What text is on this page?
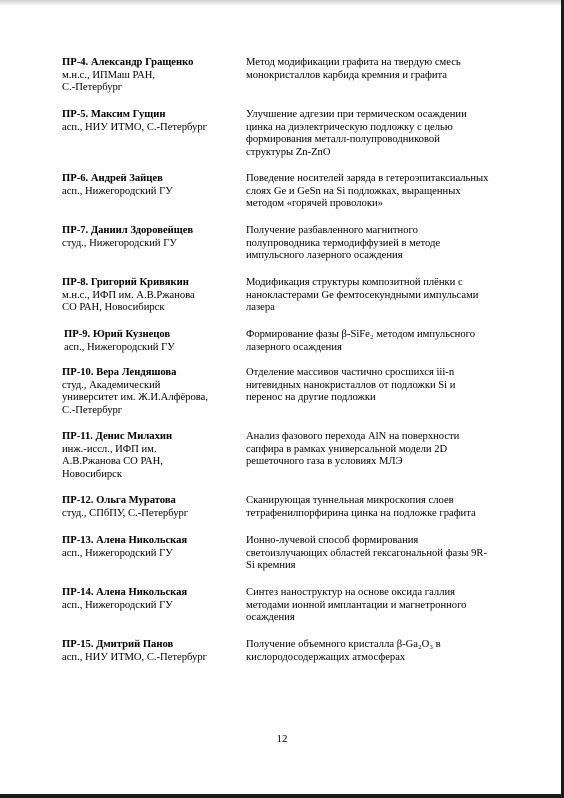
ПР-4. Александр Гращенко
м.н.с., ИПМаш РАН,
С.-Петербург
Метод модификации графита на твердую смесь
монокристаллов карбида кремния и графита
ПР-5. Максим Гущин
асп., НИУ ИТМО, С.-Петербург
Улучшение адгезии при термическом осаждении
цинка на диэлектрическую подложку с целью
формирования металл-полупроводниковой
структуры Zn-ZnO
ПР-6. Андрей Зайцев
асп., Нижегородский ГУ
Поведение носителей заряда в гетероэпитаксиальных
слоях Ge и GeSn на Si подложках, выращенных
методом «горячей проволоки»
ПР-7. Даниил Здоровейщев
студ., Нижегородский ГУ
Получение разбавленного магнитного
полупроводника термодиффузией в методе
импульсного лазерного осаждения
ПР-8. Григорий Кривякин
м.н.с., ИФП им. А.В.Ржанова
СО РАН, Новосибирск
Модификация структуры композитной плёнки с
нанокластерами Ge фемтосекундными импульсами
лазера
ПР-9. Юрий Кузнецов
асп., Нижегородский ГУ
Формирование фазы β-SiFe₂ методом импульсного
лазерного осаждения
ПР-10. Вера Лендяшова
студ., Академический
университет им. Ж.И.Алфёрова,
С.-Петербург
Отделение массивов частично сросшихся iii-n
нитевидных нанокристаллов от подложки Si и
перенос на другие подложки
ПР-11. Денис Милахин
инж.-иссл., ИФП им.
А.В.Ржанова СО РАН,
Новосибирск
Анализ фазового перехода AlN на поверхности
сапфира в рамках универсальной модели 2D
решеточного газа в условиях МЛЭ
ПР-12. Ольга Муратова
студ., СПбПУ, С.-Петербург
Сканирующая туннельная микроскопия слоев
тетрафенилпорфирина цинка на подложке графита
ПР-13. Алена Никольская
асп., Нижегородский ГУ
Ионно-лучевой способ формирования
светоизлучающих областей гексагональной фазы 9R-
Si кремния
ПР-14. Алена Никольская
асп., Нижегородский ГУ
Синтез наноструктур на основе оксида галлия
методами ионной имплантации и магнетронного
осаждения
ПР-15. Дмитрий Панов
асп., НИУ ИТМО, С.-Петербург
Получение объемного кристалла β-Ga₂O₃ в
кислородосодержащих атмосферах
12
